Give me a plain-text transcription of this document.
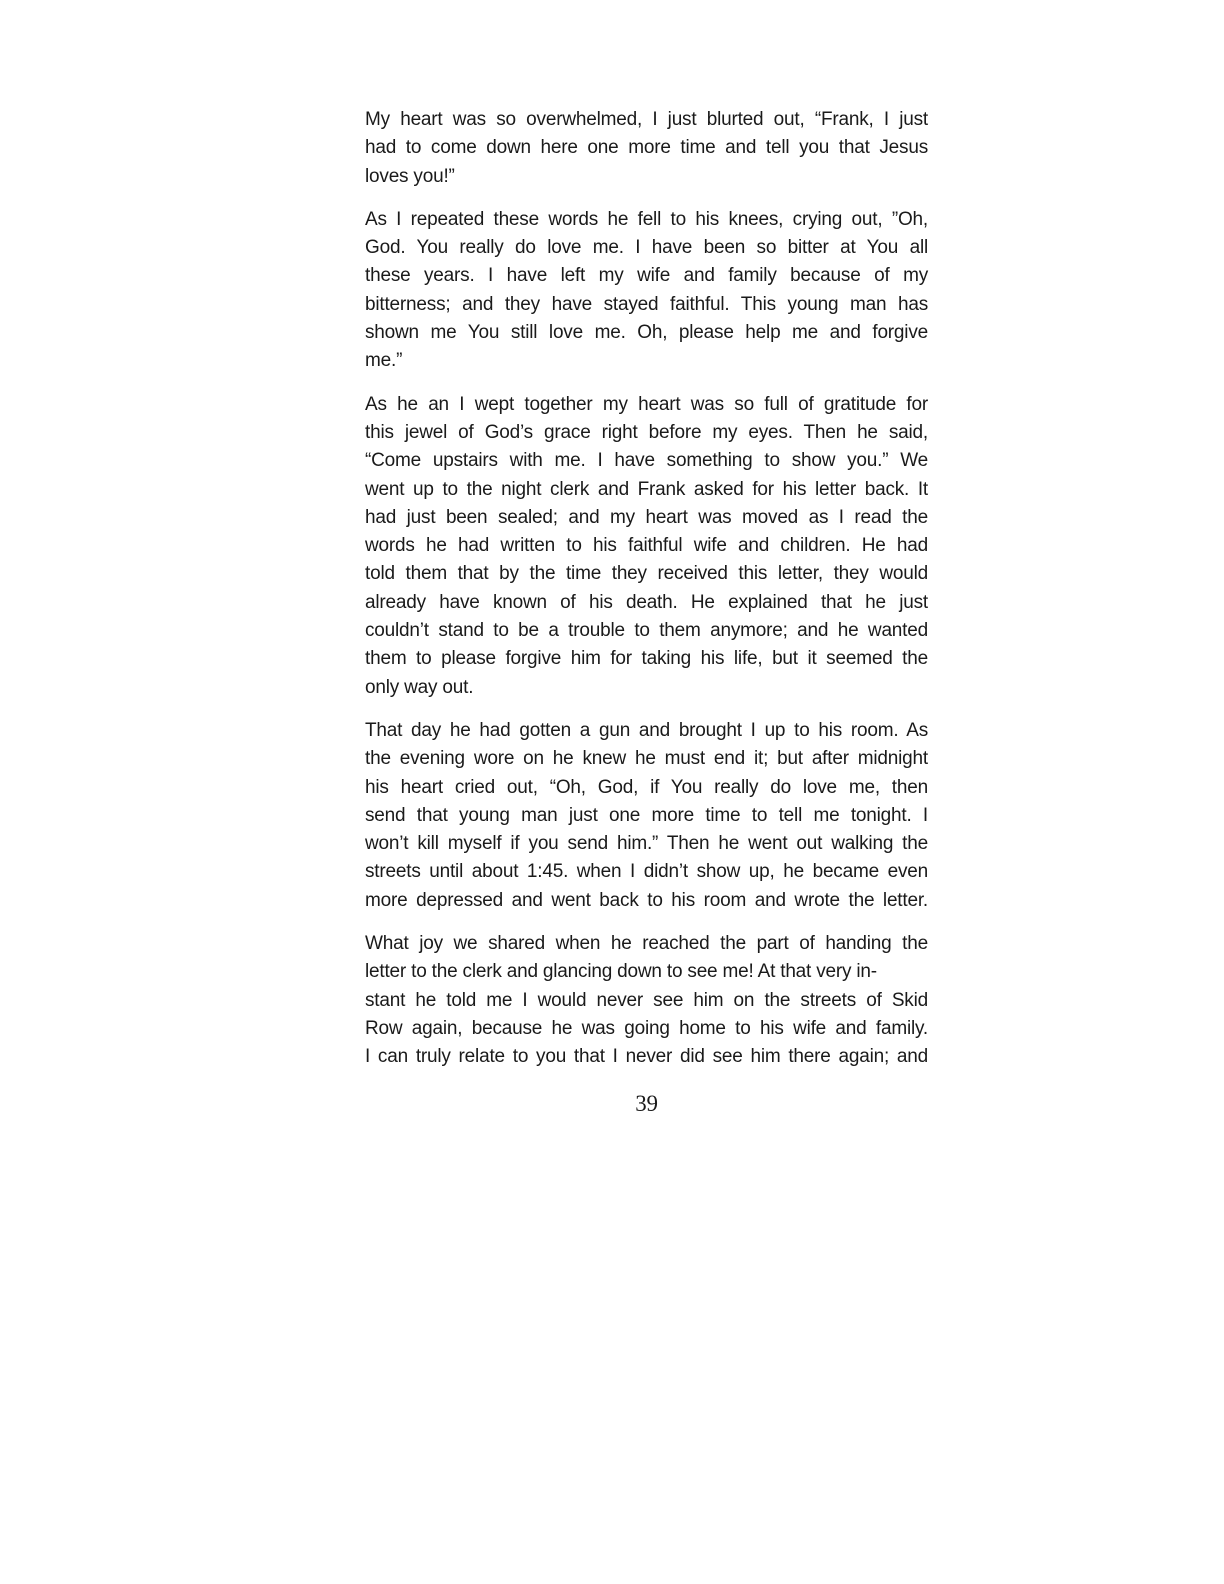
My heart was so overwhelmed, I just blurted out, “Frank, I just
had to come down here one more time and tell you that Jesus
loves you!”

As I repeated these words he fell to his knees, crying out, ”Oh,
God. You really do love me. I have been so bitter at You all
these years. I have left my wife and family because of my
bitterness; and they have stayed faithful. This young man has
shown me You still love me. Oh, please help me and forgive
me.”

As he an I wept together my heart was so full of gratitude for
this jewel of God’s grace right before my eyes. Then he said,
“Come upstairs with me. I have something to show you.” We
went up to the night clerk and Frank asked for his letter back. It
had just been sealed; and my heart was moved as I read the
words he had written to his faithful wife and children. He had
told them that by the time they received this letter, they would
already have known of his death. He explained that he just
couldn’t stand to be a trouble to them anymore; and he wanted
them to please forgive him for taking his life, but it seemed the
only way out.

That day he had gotten a gun and brought I up to his room. As
the evening wore on he knew he must end it; but after midnight
his heart cried out, “Oh, God, if You really do love me, then
send that young man just one more time to tell me tonight. I
won’t kill myself if you send him.” Then he went out walking the
streets until about 1:45. when I didn’t show up, he became even
more depressed and went back to his room and wrote the letter.

What joy we shared when he reached the part of handing the
letter to the clerk and glancing down to see me! At that very in-
stant he told me I would never see him on the streets of Skid
Row again, because he was going home to his wife and family.
I can truly relate to you that I never did see him there again; and

39
